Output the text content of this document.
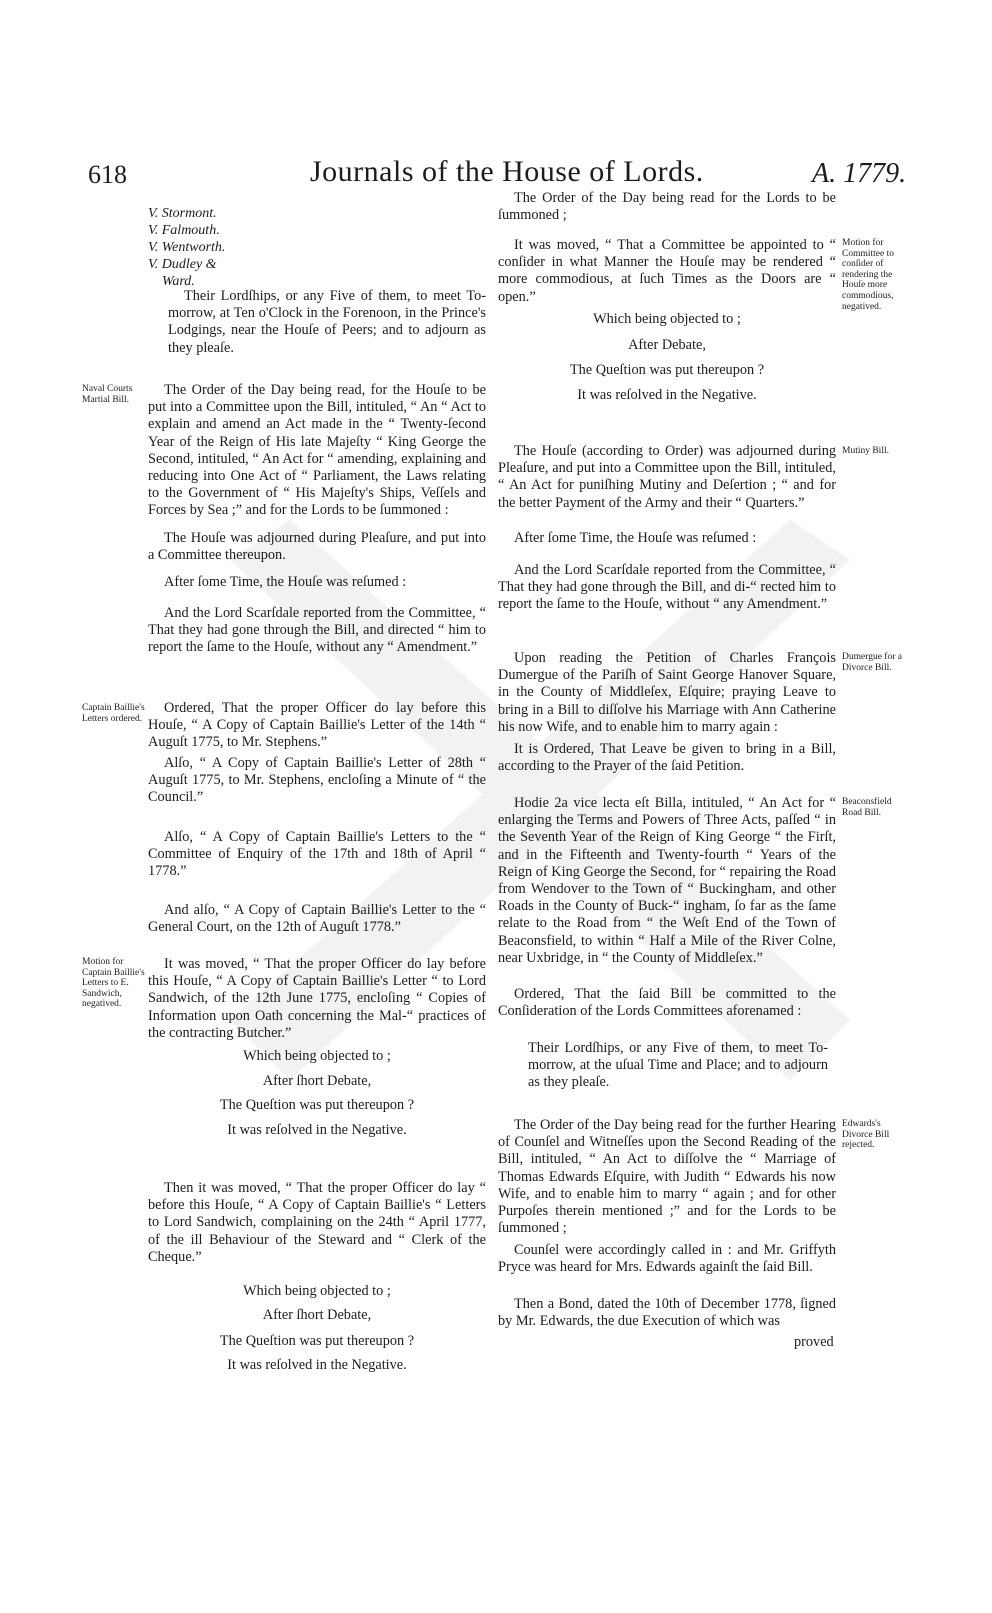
618	Journals of the House of Lords.	A. 1779.
V. Stormont.
V. Falmouth.
V. Wentworth.
V. Dudley &
Ward.

Their Lordſhips, or any Five of them, to meet To-morrow, at Ten o'Clock in the Forenoon, in the Prince's Lodgings, near the Houſe of Peers; and to adjourn as they pleaſe.

The Order of the Day being read, for the Houſe to be put into a Committee upon the Bill, intituled, “ An “ Act to explain and amend an Act made in the “ Twenty-ſecond Year of the Reign of His late Majeſty “ King George the Second, intituled, “ An Act for “ amending, explaining and reducing into One Act of “ Parliament, the Laws relating to the Government of “ His Majeſty's Ships, Veſſels and Forces by Sea ;” and for the Lords to be ſummoned :

The Houſe was adjourned during Pleaſure, and put into a Committee thereupon.

After ſome Time, the Houſe was reſumed :

And the Lord Scarſdale reported from the Committee, “ That they had gone through the Bill, and directed “ him to report the ſame to the Houſe, without any “ Amendment.”

Ordered, That the proper Officer do lay before this Houſe, “ A Copy of Captain Baillie's Letter of the 14th “ Auguſt 1775, to Mr. Stephens.”

Alſo, “ A Copy of Captain Baillie's Letter of 28th “ Auguſt 1775, to Mr. Stephens, encloſing a Minute of “ the Council.”

Alſo, “ A Copy of Captain Baillie's Letters to the “ Committee of Enquiry of the 17th and 18th of April “ 1778.”

And alſo, “ A Copy of Captain Baillie's Letter to the “ General Court, on the 12th of Auguſt 1778.”

It was moved, “ That the proper Officer do lay before this Houſe, “ A Copy of Captain Baillie's Letter “ to Lord Sandwich, of the 12th June 1775, encloſing “ Copies of Information upon Oath concerning the Mal-“ practices of the contracting Butcher.”

Which being objected to ;

After ſhort Debate,

The Queſtion was put thereupon ?

It was reſolved in the Negative.

Then it was moved, “ That the proper Officer do lay “ before this Houſe, “ A Copy of Captain Baillie's “ Letters to Lord Sandwich, complaining on the 24th “ April 1777, of the ill Behaviour of the Steward and “ Clerk of the Cheque.”

Which being objected to ;

After ſhort Debate,

The Queſtion was put thereupon ?

It was reſolved in the Negative.

The Order of the Day being read for the Lords to be ſummoned ;

It was moved, “ That a Committee be appointed to “ conſider in what Manner the Houſe may be rendered “ more commodious, at ſuch Times as the Doors are “ open.”

Which being objected to ;

After Debate,

The Queſtion was put thereupon ?

It was reſolved in the Negative.

The Houſe (according to Order) was adjourned during Pleaſure, and put into a Committee upon the Bill, intituled, “ An Act for puniſhing Mutiny and Deſertion ; “ and for the better Payment of the Army and their “ Quarters.”

After ſome Time, the Houſe was reſumed :

And the Lord Scarſdale reported from the Committee, “ That they had gone through the Bill, and di-“ rected him to report the ſame to the Houſe, without “ any Amendment.”

Upon reading the Petition of Charles François Dumergue of the Pariſh of Saint George Hanover Square, in the County of Middleſex, Eſquire; praying Leave to bring in a Bill to diſſolve his Marriage with Ann Catherine his now Wife, and to enable him to marry again :

It is Ordered, That Leave be given to bring in a Bill, according to the Prayer of the ſaid Petition.

Hodie 2a vice lecta eſt Billa, intituled, “ An Act for “ enlarging the Terms and Powers of Three Acts, paſſed “ in the Seventh Year of the Reign of King George “ the Firſt, and in the Fifteenth and Twenty-fourth “ Years of the Reign of King George the Second, for “ repairing the Road from Wendover to the Town of “ Buckingham, and other Roads in the County of Buck-“ ingham, ſo far as the ſame relate to the Road from “ the Weſt End of the Town of Beaconsfield, to within “ Half a Mile of the River Colne, near Uxbridge, in “ the County of Middleſex.”

Ordered, That the ſaid Bill be committed to the Conſideration of the Lords Committees aforenamed :

Their Lordſhips, or any Five of them, to meet To-morrow, at the uſual Time and Place; and to adjourn as they pleaſe.

The Order of the Day being read for the further Hearing of Counſel and Witneſſes upon the Second Reading of the Bill, intituled, “ An Act to diſſolve the “ Marriage of Thomas Edwards Eſquire, with Judith “ Edwards his now Wife, and to enable him to marry “ again ; and for other Purpoſes therein mentioned ;” and for the Lords to be ſummoned ;

Counſel were accordingly called in : and Mr. Griffyth Pryce was heard for Mrs. Edwards againſt the ſaid Bill.

Then a Bond, dated the 10th of December 1778, ſigned by Mr. Edwards, the due Execution of which was

proved

Naval Courts Martial Bill.
Captain Baillie's Letters ordered.
Motion for Captain Baillie's Letters to E. Sandwich, negatived.
Motion for Committee to conſider of rendering the Houſe more commodious, negatived.
Mutiny Bill.
Dumergue for a Divorce Bill.
Beaconsfield Road Bill.
Edwards's Divorce Bill rejected.
